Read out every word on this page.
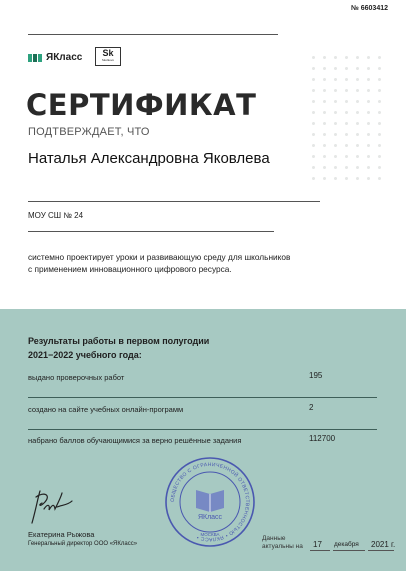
№ 6603412
ЯКласс	Sk
Skolkovo
СЕРТИФИКАТ
ПОДТВЕРЖДАЕТ, ЧТО
Наталья Александровна Яковлева
МОУ СШ № 24
системно проектирует уроки и развивающую среду для школьников
с применением инновационного цифрового ресурса.
Результаты работы в первом полугодии
2021−2022 учебного года:
выдано проверочных работ	195
создано на сайте учебных онлайн-программ	2
набрано баллов обучающимися за верно решённые задания	112700
Екатерина Рыжова
Генеральный директор ООО «ЯКласс»
ОБЩЕСТВО С ОГРАНИЧЕННОЙ ОТВЕТСТВЕННОСТЬЮ • ЯКЛАСС •
ЯКласс
МОСКВА
Данные
актуальны на 17 декабря 2021 г.
